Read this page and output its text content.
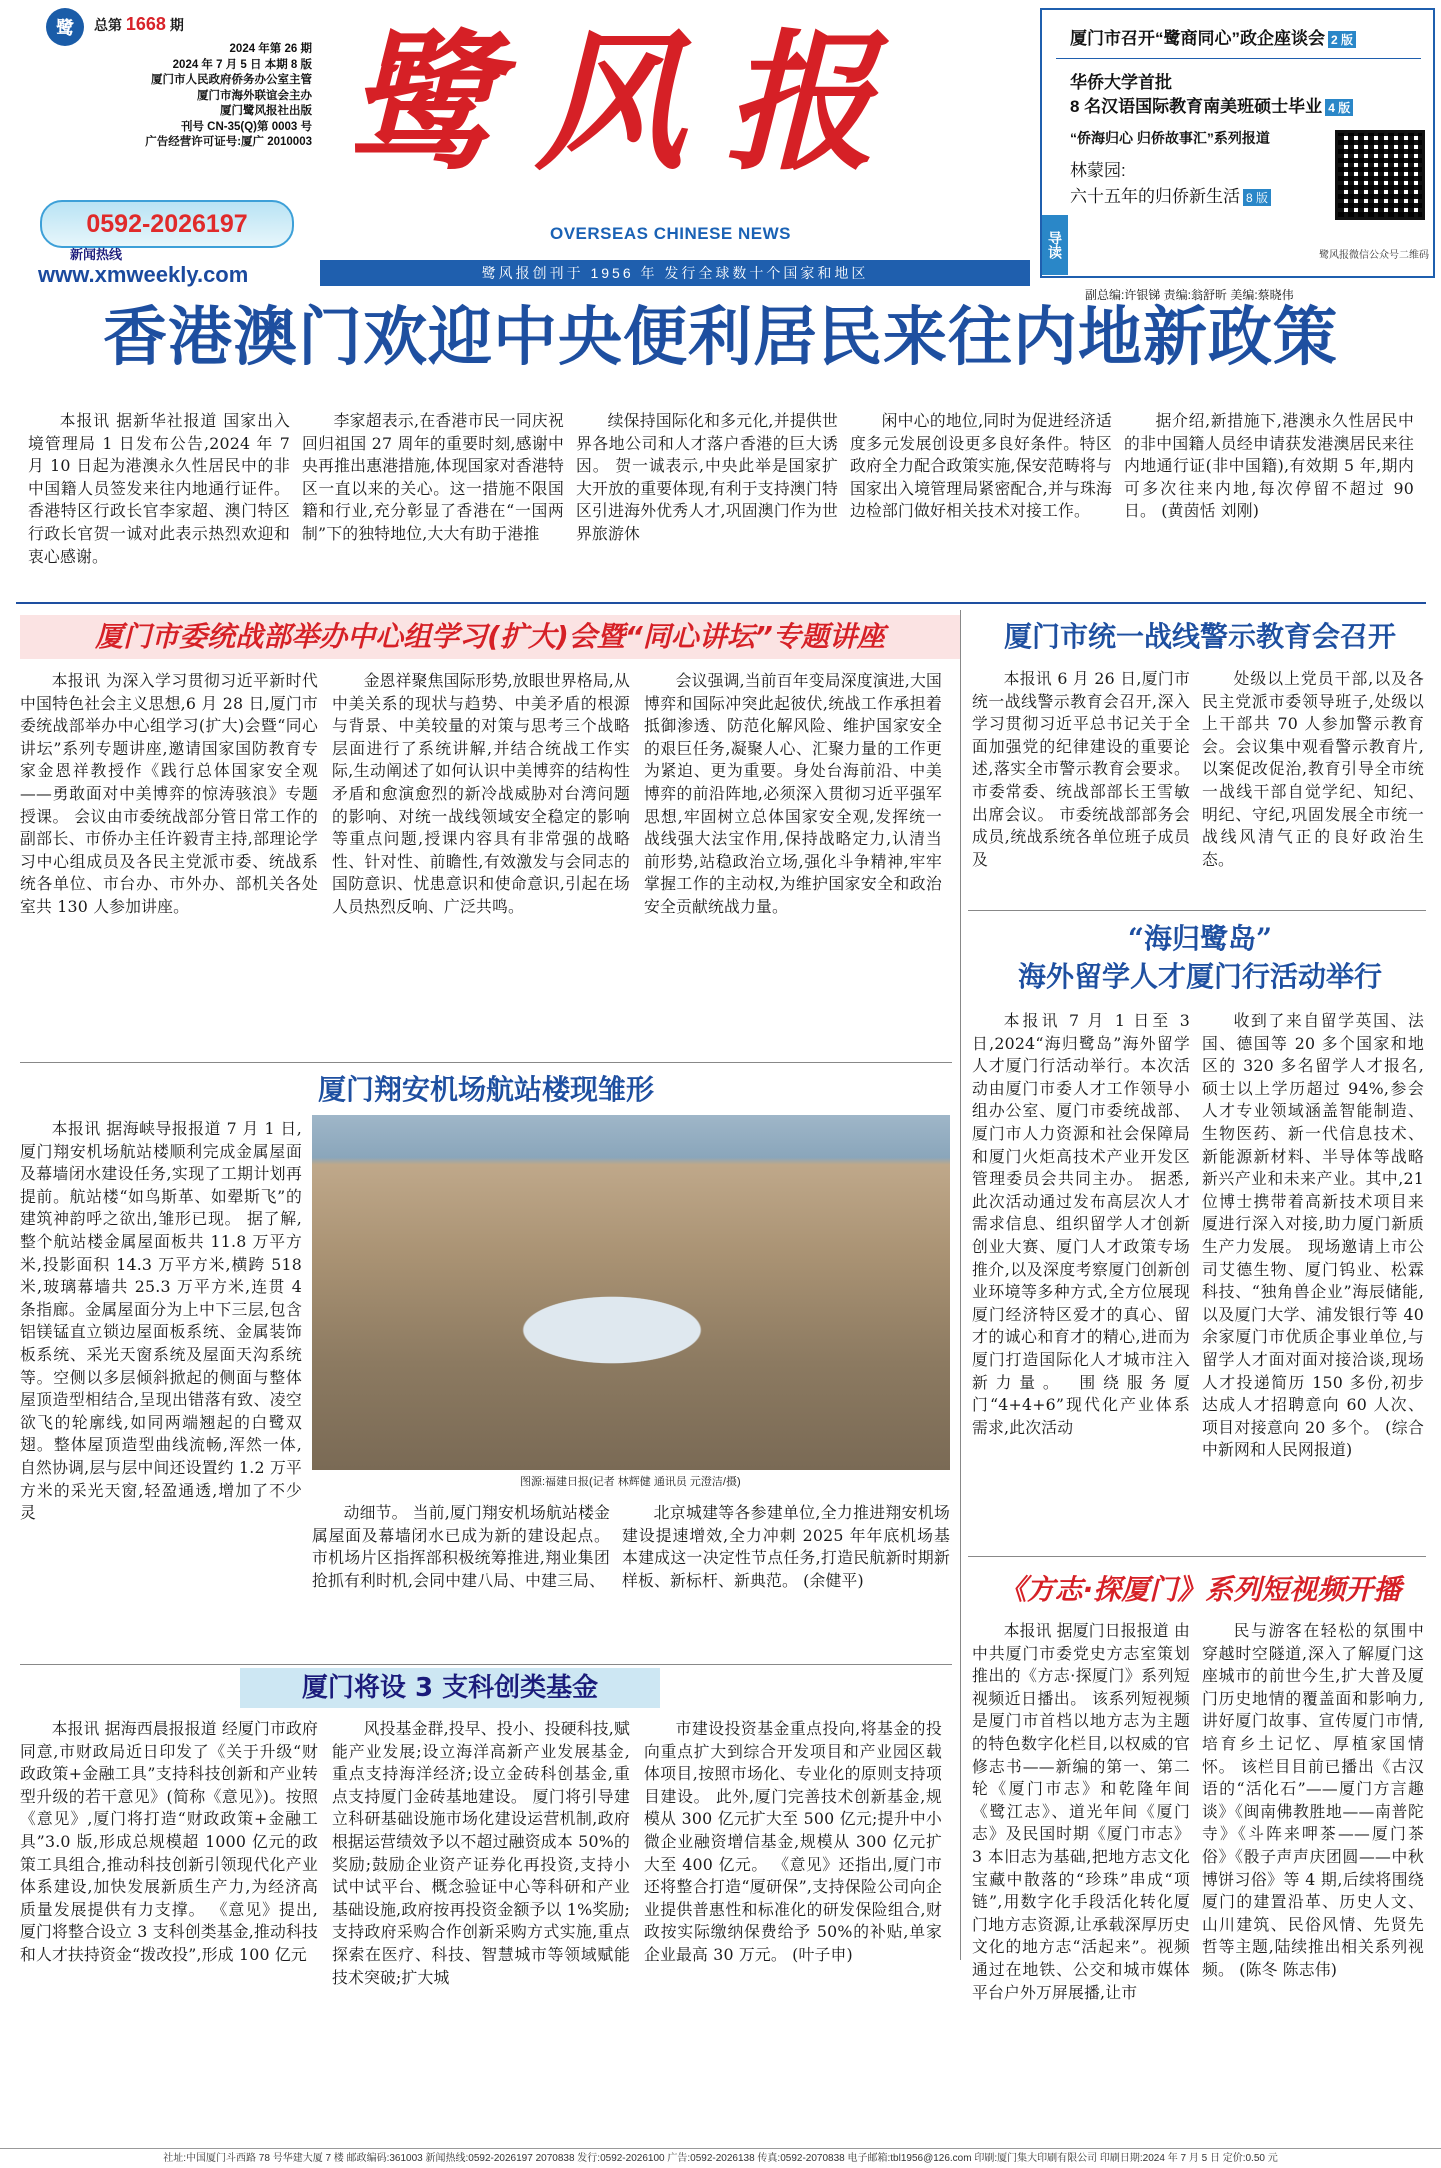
鹭	总第 1668 期
2024 年第 26 期
2024 年 7 月 5 日 本期 8 版
厦门市人民政府侨务办公室主管
厦门市海外联谊会主办
厦门鹭风报社出版
刊号 CN-35(Q)第 0003 号
广告经营许可证号:厦广 2010003
0592-2026197
新闻热线
www.xmweekly.com
鹭风报
OVERSEAS CHINESE NEWS
鹭风报创刊于 1956 年 发行全球数十个国家和地区
厦门市召开“鹭商同心”政企座谈会 2 版
华侨大学首批
8 名汉语国际教育南美班硕士毕业 4 版
“侨海归心 归侨故事汇”系列报道
林蒙园:
六十五年的归侨新生活 8 版
导读	鹭风报微信公众号二维码
副总编:许银锑 责编:翁舒昕 美编:蔡晓伟
香港澳门欢迎中央便利居民来往内地新政策
本报讯 据新华社报道 国家出入境管理局 1 日发布公告,2024 年 7 月 10 日起为港澳永久性居民中的非中国籍人员签发来往内地通行证件。香港特区行政长官李家超、澳门特区行政长官贺一诚对此表示热烈欢迎和衷心感谢。
李家超表示,在香港市民一同庆祝回归祖国 27 周年的重要时刻,感谢中央再推出惠港措施,体现国家对香港特区一直以来的关心。这一措施不限国籍和行业,充分彰显了香港在“一国两制”下的独特地位,大大有助于港推
续保持国际化和多元化,并提供世界各地公司和人才落户香港的巨大诱因。 贺一诚表示,中央此举是国家扩大开放的重要体现,有利于支持澳门特区引进海外优秀人才,巩固澳门作为世界旅游休
闲中心的地位,同时为促进经济适度多元发展创设更多良好条件。特区政府全力配合政策实施,保安范畴将与国家出入境管理局紧密配合,并与珠海边检部门做好相关技术对接工作。
据介绍,新措施下,港澳永久性居民中的非中国籍人员经申请获发港澳居民来往内地通行证(非中国籍),有效期 5 年,期内可多次往来内地,每次停留不超过 90 日。 (黄茵恬 刘刚)
厦门市委统战部举办中心组学习(扩大)会暨“同心讲坛”专题讲座
本报讯 为深入学习贯彻习近平新时代中国特色社会主义思想,6 月 28 日,厦门市委统战部举办中心组学习(扩大)会暨“同心讲坛”系列专题讲座,邀请国家国防教育专家金恩祥教授作《践行总体国家安全观——勇敢面对中美博弈的惊涛骇浪》专题授课。 会议由市委统战部分管日常工作的副部长、市侨办主任许毅青主持,部理论学习中心组成员及各民主党派市委、统战系统各单位、市台办、市外办、部机关各处室共 130 人参加讲座。
金恩祥聚焦国际形势,放眼世界格局,从中美关系的现状与趋势、中美矛盾的根源与背景、中美较量的对策与思考三个战略层面进行了系统讲解,并结合统战工作实际,生动阐述了如何认识中美博弈的结构性矛盾和愈演愈烈的新冷战威胁对台湾问题的影响、对统一战线领域安全稳定的影响等重点问题,授课内容具有非常强的战略性、针对性、前瞻性,有效激发与会同志的国防意识、忧患意识和使命意识,引起在场人员热烈反响、广泛共鸣。
会议强调,当前百年变局深度演进,大国博弈和国际冲突此起彼伏,统战工作承担着抵御渗透、防范化解风险、维护国家安全的艰巨任务,凝聚人心、汇聚力量的工作更为紧迫、更为重要。身处台海前沿、中美博弈的前沿阵地,必须深入贯彻习近平强军思想,牢固树立总体国家安全观,发挥统一战线强大法宝作用,保持战略定力,认清当前形势,站稳政治立场,强化斗争精神,牢牢掌握工作的主动权,为维护国家安全和政治安全贡献统战力量。
厦门市统一战线警示教育会召开
本报讯 6 月 26 日,厦门市统一战线警示教育会召开,深入学习贯彻习近平总书记关于全面加强党的纪律建设的重要论述,落实全市警示教育会要求。市委常委、统战部部长王雪敏出席会议。 市委统战部部务会成员,统战系统各单位班子成员及
处级以上党员干部,以及各民主党派市委领导班子,处级以上干部共 70 人参加警示教育会。会议集中观看警示教育片,以案促改促治,教育引导全市统一战线干部自觉学纪、知纪、明纪、守纪,巩固发展全市统一战线风清气正的良好政治生态。
“海归鹭岛”
海外留学人才厦门行活动举行
本报讯 7 月 1 日至 3 日,2024“海归鹭岛”海外留学人才厦门行活动举行。本次活动由厦门市委人才工作领导小组办公室、厦门市委统战部、厦门市人力资源和社会保障局和厦门火炬高技术产业开发区管理委员会共同主办。 据悉,此次活动通过发布高层次人才需求信息、组织留学人才创新创业大赛、厦门人才政策专场推介,以及深度考察厦门创新创业环境等多种方式,全方位展现厦门经济特区爱才的真心、留才的诚心和育才的精心,进而为厦门打造国际化人才城市注入新力量。 围绕服务厦门“4+4+6”现代化产业体系需求,此次活动
收到了来自留学英国、法国、德国等 20 多个国家和地区的 320 多名留学人才报名,硕士以上学历超过 94%,参会人才专业领域涵盖智能制造、生物医药、新一代信息技术、新能源新材料、半导体等战略新兴产业和未来产业。其中,21 位博士携带着高新技术项目来厦进行深入对接,助力厦门新质生产力发展。 现场邀请上市公司艾德生物、厦门钨业、松霖科技、“独角兽企业”海辰储能,以及厦门大学、浦发银行等 40 余家厦门市优质企事业单位,与留学人才面对面对接洽谈,现场人才投递简历 150 多份,初步达成人才招聘意向 60 人次、项目对接意向 20 多个。 (综合中新网和人民网报道)
厦门翔安机场航站楼现雏形
本报讯 据海峡导报报道 7 月 1 日,厦门翔安机场航站楼顺利完成金属屋面及幕墙闭水建设任务,实现了工期计划再提前。航站楼“如鸟斯革、如翚斯飞”的建筑神韵呼之欲出,雏形已现。 据了解,整个航站楼金属屋面板共 11.8 万平方米,投影面积 14.3 万平方米,横跨 518 米,玻璃幕墙共 25.3 万平方米,连贯 4 条指廊。金属屋面分为上中下三层,包含铝镁锰直立锁边屋面板系统、金属装饰板系统、采光天窗系统及屋面天沟系统等。空侧以多层倾斜掀起的侧面与整体屋顶造型相结合,呈现出错落有致、凌空欲飞的轮廓线,如同两端翘起的白鹭双翅。整体屋顶造型曲线流畅,浑然一体,自然协调,层与层中间还设置约 1.2 万平方米的采光天窗,轻盈通透,增加了不少灵
图源:福建日报(记者 林辉健 通讯员 元澄洁/摄)
动细节。 当前,厦门翔安机场航站楼金属屋面及幕墙闭水已成为新的建设起点。市机场片区指挥部积极统筹推进,翔业集团抢抓有利时机,会同中建八局、中建三局、
北京城建等各参建单位,全力推进翔安机场建设提速增效,全力冲刺 2025 年年底机场基本建成这一决定性节点任务,打造民航新时期新样板、新标杆、新典范。 (余健平)
厦门将设 3 支科创类基金
本报讯 据海西晨报报道 经厦门市政府同意,市财政局近日印发了《关于升级“财政政策+金融工具”支持科技创新和产业转型升级的若干意见》(简称《意见》)。按照《意见》,厦门将打造“财政政策+金融工具”3.0 版,形成总规模超 1000 亿元的政策工具组合,推动科技创新引领现代化产业体系建设,加快发展新质生产力,为经济高质量发展提供有力支撑。 《意见》提出,厦门将整合设立 3 支科创类基金,推动科技和人才扶持资金“拨改投”,形成 100 亿元
风投基金群,投早、投小、投硬科技,赋能产业发展;设立海洋高新产业发展基金,重点支持海洋经济;设立金砖科创基金,重点支持厦门金砖基地建设。 厦门将引导建立科研基础设施市场化建设运营机制,政府根据运营绩效予以不超过融资成本 50%的奖励;鼓励企业资产证券化再投资,支持小试中试平台、概念验证中心等科研和产业基础设施,政府按再投资金额予以 1%奖励;支持政府采购合作创新采购方式实施,重点探索在医疗、科技、智慧城市等领域赋能技术突破;扩大城
市建设投资基金重点投向,将基金的投向重点扩大到综合开发项目和产业园区载体项目,按照市场化、专业化的原则支持项目建设。 此外,厦门完善技术创新基金,规模从 300 亿元扩大至 500 亿元;提升中小微企业融资增信基金,规模从 300 亿元扩大至 400 亿元。 《意见》还指出,厦门市还将整合打造“厦研保”,支持保险公司向企业提供普惠性和标准化的研发保险组合,财政按实际缴纳保费给予 50%的补贴,单家企业最高 30 万元。 (叶子申)
《方志·探厦门》系列短视频开播
本报讯 据厦门日报报道 由中共厦门市委党史方志室策划推出的《方志·探厦门》系列短视频近日播出。 该系列短视频是厦门市首档以地方志为主题的特色数字化栏目,以权威的官修志书——新编的第一、第二轮《厦门市志》和乾隆年间《鹭江志》、道光年间《厦门志》及民国时期《厦门市志》3 本旧志为基础,把地方志文化宝藏中散落的“珍珠”串成“项链”,用数字化手段活化转化厦门地方志资源,让承载深厚历史文化的地方志“活起来”。视频通过在地铁、公交和城市媒体平台户外万屏展播,让市
民与游客在轻松的氛围中穿越时空隧道,深入了解厦门这座城市的前世今生,扩大普及厦门历史地情的覆盖面和影响力,讲好厦门故事、宣传厦门市情,培育乡土记忆、厚植家国情怀。 该栏目目前已播出《古汉语的“活化石”——厦门方言趣谈》《闽南佛教胜地——南普陀寺》《斗阵来呷茶——厦门茶俗》《骰子声声庆团圆——中秋博饼习俗》等 4 期,后续将围绕厦门的建置沿革、历史人文、山川建筑、民俗风情、先贤先哲等主题,陆续推出相关系列视频。 (陈冬 陈志伟)
社址:中国厦门斗西路 78 号华建大厦 7 楼 邮政编码:361003 新闻热线:0592-2026197 2070838 发行:0592-2026100 广告:0592-2026138 传真:0592-2070838 电子邮箱:tbl1956@126.com 印刷:厦门集大印刷有限公司 印刷日期:2024 年 7 月 5 日 定价:0.50 元
